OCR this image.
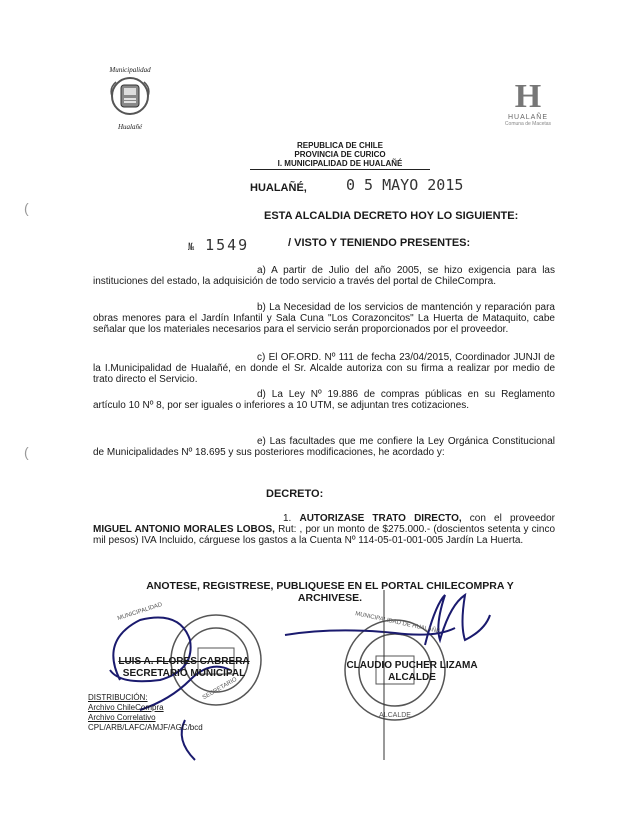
Municipalidad
Hualañé
H
HUALAÑE
Comuna de Macetas
REPUBLICA DE CHILE
PROVINCIA DE CURICO
I. MUNICIPALIDAD DE HUALAÑÉ
HUALAÑÉ,	0 5 MAYO 2015
ESTA ALCALDIA DECRETO HOY LO SIGUIENTE:
№ 1549	/ VISTO Y TENIENDO PRESENTES:
a) A partir de Julio del año 2005, se hizo exigencia para las instituciones del estado, la adquisición de todo servicio a través del portal de ChileCompra.
b) La Necesidad de los servicios de mantención y reparación para obras menores para el Jardín Infantil y Sala Cuna "Los Corazoncitos" La Huerta de Mataquito, cabe señalar que los materiales necesarios para el servicio serán proporcionados por el proveedor.
c) El OF.ORD. Nº 111 de fecha 23/04/2015, Coordinador JUNJI de la I.Municipalidad de Hualañé, en donde el Sr. Alcalde autoriza con su firma a realizar por medio de trato directo el Servicio.
d) La Ley Nº 19.886 de compras públicas en su Reglamento artículo 10 Nº 8, por ser iguales o inferiores a 10 UTM, se adjuntan tres cotizaciones.
e) Las facultades que me confiere la Ley Orgánica Constitucional de Municipalidades Nº 18.695 y sus posteriores modificaciones, he acordado y:
DECRETO:
1. AUTORIZASE TRATO DIRECTO, con el proveedor MIGUEL ANTONIO MORALES LOBOS, Rut: , por un monto de $275.000.- (doscientos setenta y cinco mil pesos) IVA Incluido, cárguese los gastos a la Cuenta Nº 114-05-01-001-005 Jardín La Huerta.
ANOTESE, REGISTRESE, PUBLIQUESE EN EL PORTAL CHILECOMPRA Y ARCHIVESE.
MUNICIPALIDAD
SECRETARIO
MUNICIPALIDAD DE HUALAÑE
ALCALDE
LUIS A. FLORES CABRERA
SECRETARIO MUNICIPAL
CLAUDIO PUCHER LIZAMA
ALCALDE
DISTRIBUCIÓN:
Archivo ChileCompra
Archivo Correlativo
CPL/ARB/LAFC/AMJF/AGC/bcd
(
(
